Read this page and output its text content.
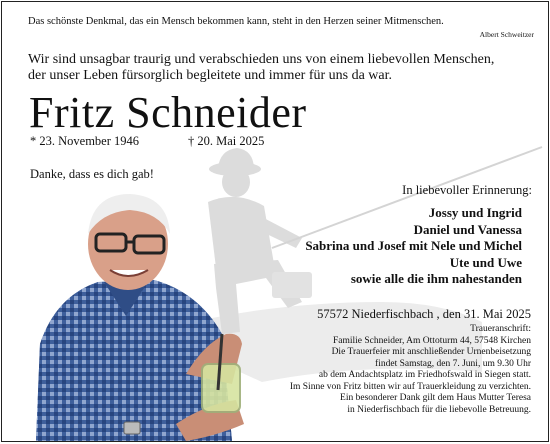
Das schönste Denkmal, das ein Mensch bekommen kann, steht in den Herzen seiner Mitmenschen.
Albert Schweitzer
Wir sind unsagbar traurig und verabschieden uns von einem liebevollen Menschen,
der unser Leben fürsorglich begleitete und immer für uns da war.
Fritz Schneider
* 23. November 1946	† 20. Mai 2025
Danke, dass es dich gab!
In liebevoller Erinnerung:
Jossy und Ingrid
Daniel und Vanessa
Sabrina und Josef mit Nele und Michel
Ute und Uwe
sowie alle die ihm nahestanden
57572 Niederfischbach , den 31. Mai 2025
Traueranschrift:
Familie Schneider, Am Ottoturm 44, 57548 Kirchen
Die Trauerfeier mit anschließender Urnenbeisetzung
findet Samstag, den 7. Juni, um 9.30 Uhr
ab dem Andachtsplatz im Friedhofswald in Siegen statt.
Im Sinne von Fritz bitten wir auf Trauerkleidung zu verzichten.
Ein besonderer Dank gilt dem Haus Mutter Teresa
in Niederfischbach für die liebevolle Betreuung.
